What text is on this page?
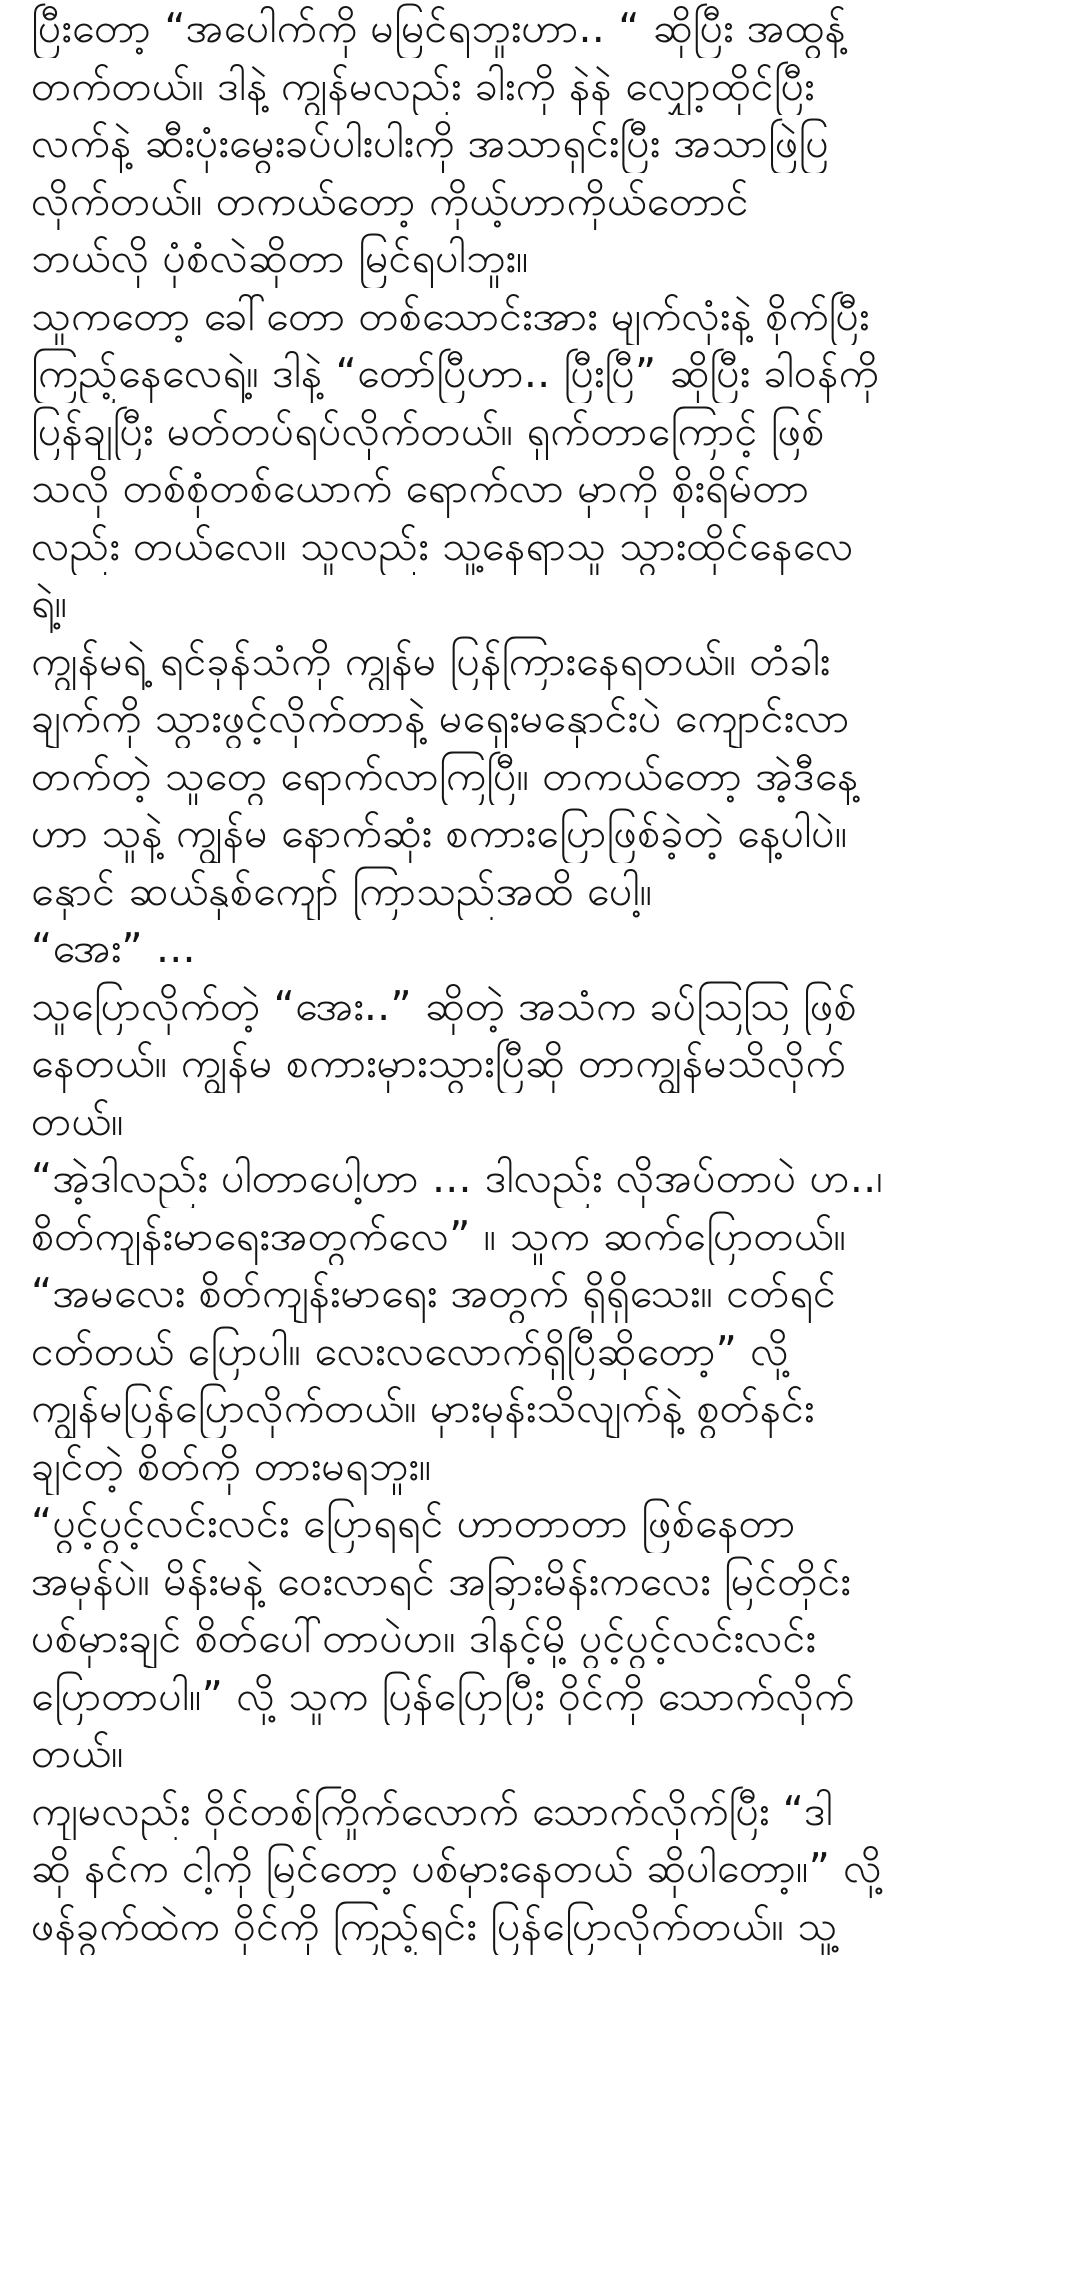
ပြီးတော့ “အပေါက်ကို မမြင်ရဘူးဟာ.. “ ဆိုပြီး အထွန့်
တက်တယ်။ ဒါနဲ့ ကျွန်မလည်း ခါးကို နဲနဲ လျှော့ထိုင်ပြီး
လက်နဲ့ ဆီးပုံးမွေးခပ်ပါးပါးကို အသာရှင်းပြီး အသာဖြဲပြ
လိုက်တယ်။ တကယ်တော့ ကိုယ့်ဟာကိုယ်တောင်
ဘယ်လို ပုံစံလဲဆိုတာ မြင်ရပါဘူး။

သူကတော့ ခေါ်တော တစ်သောင်းအား မျက်လုံးနဲ့ စိုက်ပြီး
ကြည့်နေလေရဲ့။ ဒါနဲ့ “တော်ပြီဟာ.. ပြီးပြီ” ဆိုပြီး ခါဝန်ကို
ပြန်ချပြီး မတ်တပ်ရပ်လိုက်တယ်။ ရှက်တာကြောင့် ဖြစ်
သလို တစ်စုံတစ်ယောက် ရောက်လာ မှာကို စိုးရိမ်တာ
လည်း တယ်လေ။ သူလည်း သူ့နေရာသူ သွားထိုင်နေလေ
ရဲ့။

ကျွန်မရဲ့ ရင်ခုန်သံကို ကျွန်မ ပြန်ကြားနေရတယ်။ တံခါး
ချက်ကို သွားဖွင့်လိုက်တာနဲ့ မရှေးမနှောင်းပဲ ကျောင်းလာ
တက်တဲ့ သူတွေ ရောက်လာကြပြီ။ တကယ်တော့ အဲ့ဒီနေ့
ဟာ သူနဲ့ ကျွန်မ နောက်ဆုံး စကားပြောဖြစ်ခဲ့တဲ့ နေ့ပါပဲ။
နှောင် ဆယ်နှစ်ကျော် ကြာသည်အထိ ပေါ့။

“အေး” ...

သူပြောလိုက်တဲ့ “အေး..” ဆိုတဲ့ အသံက ခပ်သြသြ ဖြစ်
နေတယ်။ ကျွန်မ စကားမှားသွားပြီဆို တာကျွန်မသိလိုက်
တယ်။

“အဲ့ဒါလည်း ပါတာပေါ့ဟာ ... ဒါလည်း လိုအပ်တာပဲ ဟ..၊
စိတ်ကျန်းမာရေးအတွက်လေ” ။ သူက ဆက်ပြောတယ်။

“အမလေး စိတ်ကျန်းမာရေး အတွက် ရှိရှိသေး။ ငတ်ရင်
ငတ်တယ် ပြောပါ။ လေးလလောက်ရှိပြီဆိုတော့” လို့
ကျွန်မပြန်ပြောလိုက်တယ်။ မှားမှန်းသိလျက်နဲ့ စွတ်နင်း
ချင်တဲ့ စိတ်ကို တားမရဘူး။

“ပွင့်ပွင့်လင်းလင်း ပြောရရင် ဟာတာတာ ဖြစ်နေတာ
အမှန်ပဲ။ မိန်းမနဲ့ ဝေးလာရင် အခြားမိန်းကလေး မြင်တိုင်း
ပစ်မှားချင် စိတ်ပေါ်တာပဲဟ။ ဒါနင့်မို့ ပွင့်ပွင့်လင်းလင်း
ပြောတာပါ။” လို့ သူက ပြန်ပြောပြီး ဝိုင်ကို သောက်လိုက်
တယ်။

ကျမလည်း ဝိုင်တစ်ကြိုက်လောက် သောက်လိုက်ပြီး “ဒါ
ဆို နင်က ငါ့ကို မြင်တော့ ပစ်မှားနေတယ် ဆိုပါတော့။” လို့
ဖန်ခွက်ထဲက ဝိုင်ကို ကြည့်ရင်း ပြန်ပြောလိုက်တယ်။ သူ့
